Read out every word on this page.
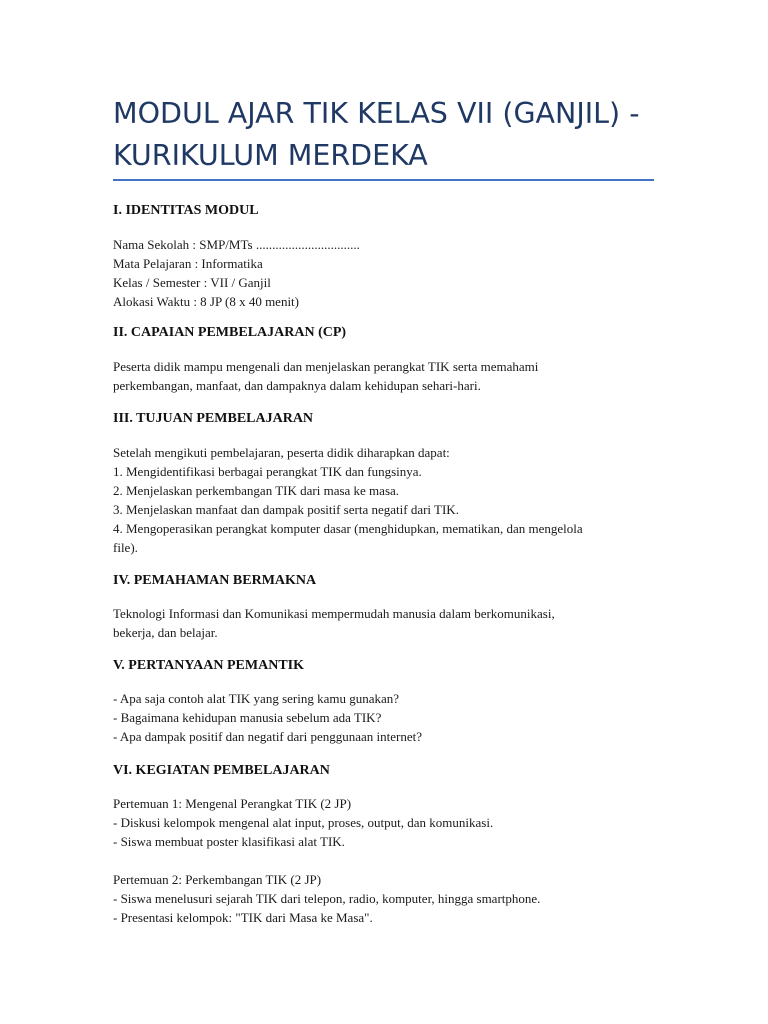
MODUL AJAR TIK KELAS VII (GANJIL) -
KURIKULUM MERDEKA
I. IDENTITAS MODUL
Nama Sekolah : SMP/MTs ................................
Mata Pelajaran : Informatika
Kelas / Semester : VII / Ganjil
Alokasi Waktu : 8 JP (8 x 40 menit)
II. CAPAIAN PEMBELAJARAN (CP)
Peserta didik mampu mengenali dan menjelaskan perangkat TIK serta memahami
perkembangan, manfaat, dan dampaknya dalam kehidupan sehari-hari.
III. TUJUAN PEMBELAJARAN
Setelah mengikuti pembelajaran, peserta didik diharapkan dapat:
1. Mengidentifikasi berbagai perangkat TIK dan fungsinya.
2. Menjelaskan perkembangan TIK dari masa ke masa.
3. Menjelaskan manfaat dan dampak positif serta negatif dari TIK.
4. Mengoperasikan perangkat komputer dasar (menghidupkan, mematikan, dan mengelola
file).
IV. PEMAHAMAN BERMAKNA
Teknologi Informasi dan Komunikasi mempermudah manusia dalam berkomunikasi,
bekerja, dan belajar.
V. PERTANYAAN PEMANTIK
- Apa saja contoh alat TIK yang sering kamu gunakan?
- Bagaimana kehidupan manusia sebelum ada TIK?
- Apa dampak positif dan negatif dari penggunaan internet?
VI. KEGIATAN PEMBELAJARAN
Pertemuan 1: Mengenal Perangkat TIK (2 JP)
- Diskusi kelompok mengenal alat input, proses, output, dan komunikasi.
- Siswa membuat poster klasifikasi alat TIK.
Pertemuan 2: Perkembangan TIK (2 JP)
- Siswa menelusuri sejarah TIK dari telepon, radio, komputer, hingga smartphone.
- Presentasi kelompok: "TIK dari Masa ke Masa".
